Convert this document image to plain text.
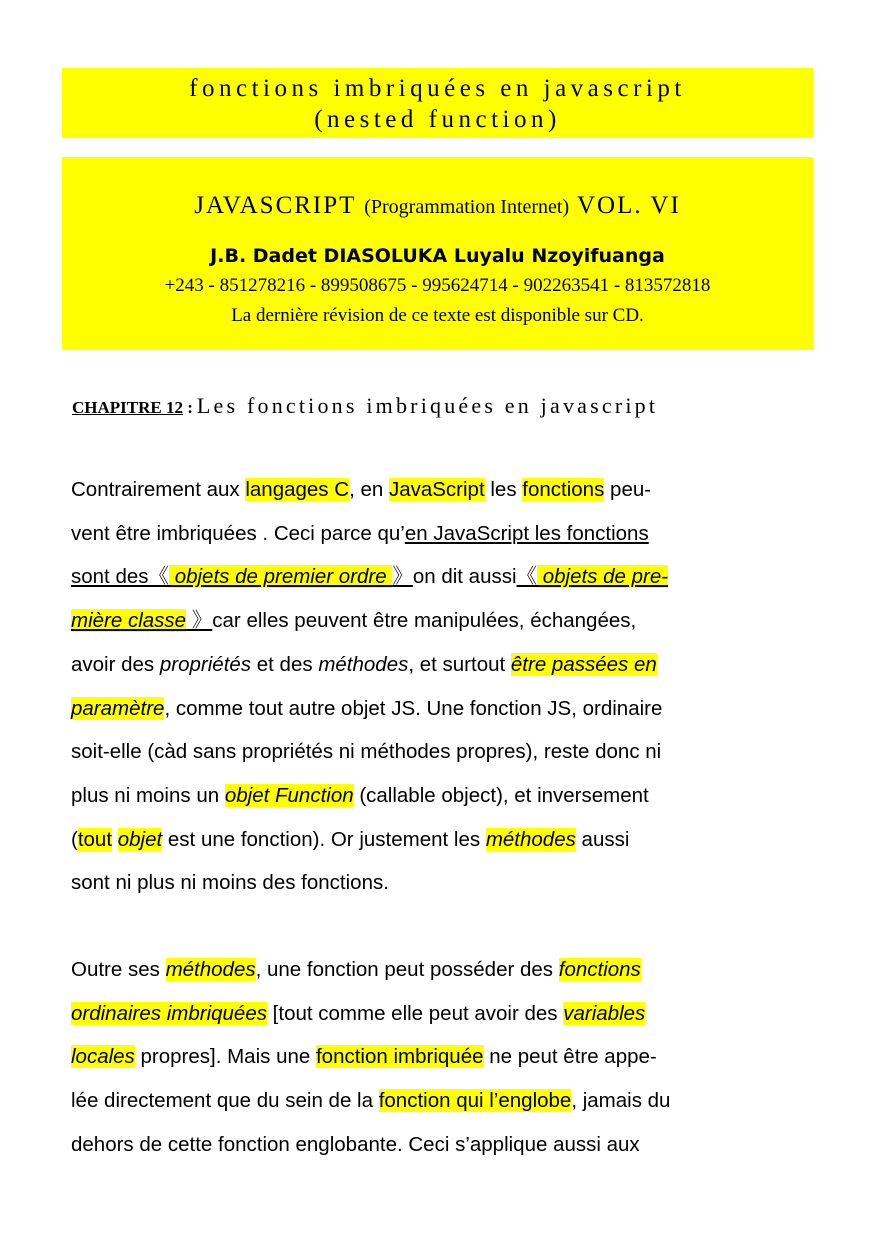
fonctions imbriquées en javascript
(nested function)
JAVASCRIPT (Programmation Internet) VOL. VI
J.B. Dadet DIASOLUKA Luyalu Nzoyifuanga
+243 - 851278216 - 899508675 - 995624714 - 902263541 - 813572818
La dernière révision de ce texte est disponible sur CD.
CHAPITRE 12 : Les fonctions imbriquées en javascript
Contrairement aux langages C, en JavaScript les fonctions peu-
vent être imbriquées . Ceci parce qu’en JavaScript les fonctions
sont des《 objets de premier ordre 》on dit aussi《 objets de pre-
mière classe 》car elles peuvent être manipulées, échangées,
avoir des propriétés et des méthodes, et surtout être passées en
paramètre, comme tout autre objet JS. Une fonction JS, ordinaire
soit-elle (càd sans propriétés ni méthodes propres), reste donc ni
plus ni moins un objet Function (callable object), et inversement
(tout objet est une fonction). Or justement les méthodes aussi
sont ni plus ni moins des fonctions.
Outre ses méthodes, une fonction peut posséder des fonctions
ordinaires imbriquées [tout comme elle peut avoir des variables
locales propres]. Mais une fonction imbriquée ne peut être appe-
lée directement que du sein de la fonction qui l’englobe, jamais du
dehors de cette fonction englobante. Ceci s’applique aussi aux
